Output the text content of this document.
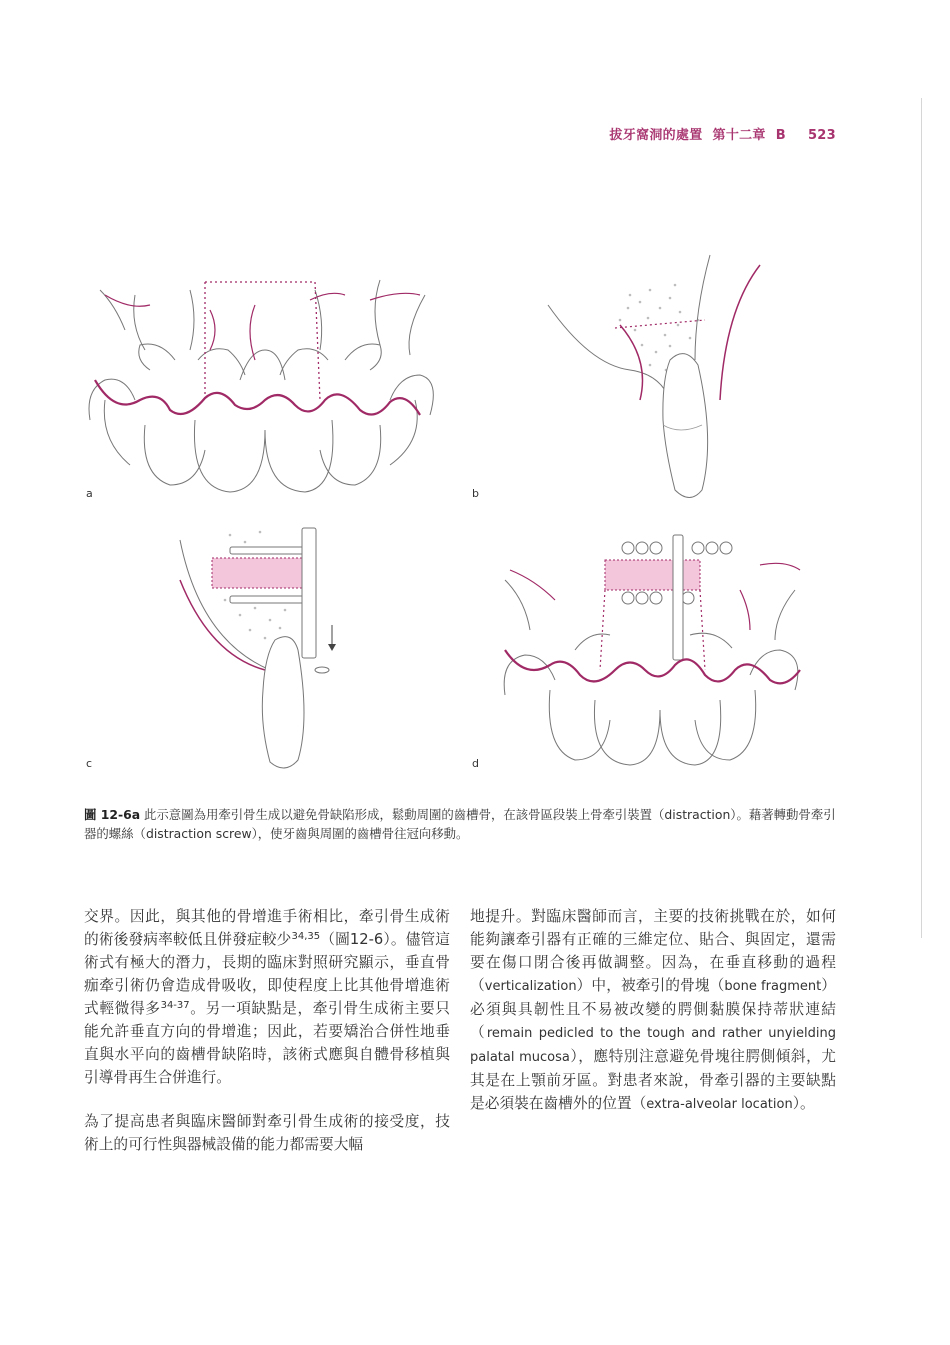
拔牙窩洞的處置 第十二章 B 523
a	b
c	d
圖 12-6a 此示意圖為用牽引骨生成以避免骨缺陷形成，鬆動周圍的齒槽骨，在該骨區段裝上骨牽引裝置（distraction）。藉著轉動骨牽引器的螺絲（distraction screw），使牙齒與周圍的齒槽骨往冠向移動。

交界。因此，與其他的骨增進手術相比，牽引骨生成術的術後發病率較低且併發症較少$^{34,35}$（圖12-6）。儘管這術式有極大的潛力，長期的臨床對照研究顯示，垂直骨痂牽引術仍會造成骨吸收，即使程度上比其他骨增進術式輕微得多$^{34-37}$。另一項缺點是，牽引骨生成術主要只能允許垂直方向的骨增進；因此，若要矯治合併性地垂直與水平向的齒槽骨缺陷時，該術式應與自體骨移植與引導骨再生合併進行。

為了提高患者與臨床醫師對牽引骨生成術的接受度，技術上的可行性與器械設備的能力都需要大幅

地提升。對臨床醫師而言，主要的技術挑戰在於，如何能夠讓牽引器有正確的三維定位、貼合、與固定，還需要在傷口閉合後再做調整。因為，在垂直移動的過程（verticalization）中，被牽引的骨塊（bone fragment）必須與具韌性且不易被改變的腭側黏膜保持蒂狀連結（remain pedicled to the tough and rather unyielding palatal mucosa），應特別注意避免骨塊往腭側傾斜，尤其是在上顎前牙區。對患者來說，骨牽引器的主要缺點是必須裝在齒槽外的位置（extra-alveolar location）。
